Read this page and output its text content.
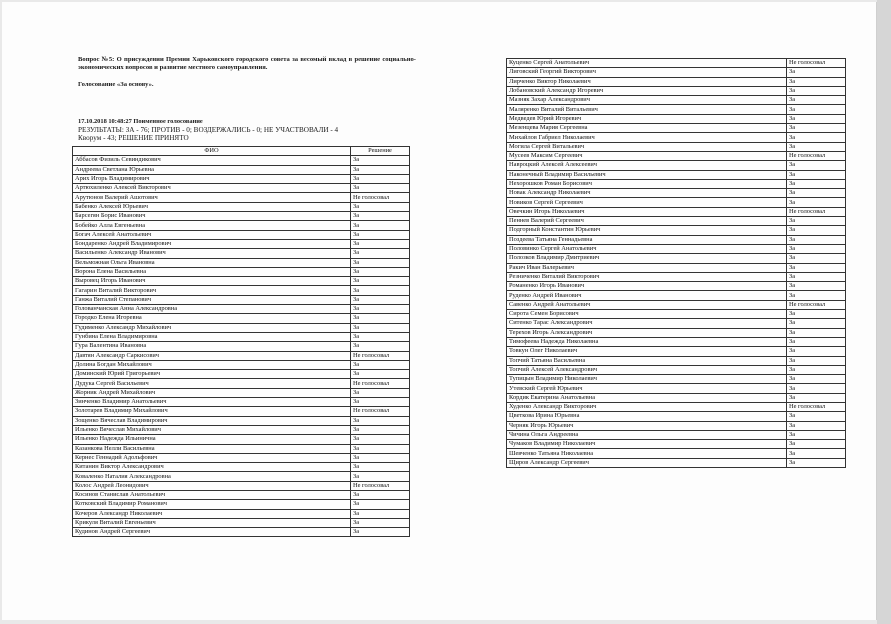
Вопрос №5: О присуждении Премии Харьковского городского совета за весомый вклад в решение социально-экономических вопросов и развитие местного самоуправления.
Голосование «За основу».
17.10.2018 10:48:27 Поименное голосование
РЕЗУЛЬТАТЫ: ЗА - 76; ПРОТИВ - 0; ВОЗДЕРЖАЛИСЬ - 0; НЕ УЧАСТВОВАЛИ - 4
Кворум - 43; РЕШЕНИЕ ПРИНЯТО
ФИО	Решение
Аббасов Физиль Севиндикович	За
Андреева Светлана Юрьевна	За
Арих Игорь Владимирович	За
Артюхиленко Алексей Викторович	За
Арутюнов Валерий Ашотович	Не голосовал
Бабенко Алексей Юрьевич	За
Барсегян Борис Иванович	За
Бобейко Алла Евгеньевна	За
Богач Алексей Анатольевич	За
Бондаренко Андрей Владимирович	За
Васильенко Александр Иванович	За
Вельможная Ольга Ивановна	За
Ворона Елена Васильевна	За
Выровец Игорь Иванович	За
Гагарин Виталий Викторович	За
Ганжа Виталий Степанович	За
Голованчанская Анна Александровна	За
Городко Елена Игоревна	За
Гудименко Александр Михайлович	За
Гунбина Елена Владимировна	За
Гура Валентина Ивановна	За
Давтян Александр Саркисович	Не голосовал
Долина Богдан Михайлович	За
Доминский Юрий Григорьевич	За
Дудука Сергей Васильевич	Не голосовал
Жорник Андрей Михайлович	За
Зинченко Владимир Анатольевич	За
Золотарев Владимир Михайлович	Не голосовал
Зощенко Вячеслав Владимирович	За
Ильенко Вячеслав Михайлович	За
Ильенко Надежда Ильинична	За
Казанкова Нелли Васильевна	За
Кернес Геннадий Адольфович	За
Китанин Виктор Александрович	За
Коваленко Наталия Александровна	За
Колос Андрей Леонидович	Не голосовал
Косинов Станислав Анатольевич	За
Котковский Владимир Романович	За
Кочеров Александр Николаевич	За
Крикуля Виталий Евгеньевич	За
Кудинов Андрей Сергеевич	За
Куценко Сергей Анатольевич	Не голосовал
Лиговский Георгий Викторович	За
Лирченко Виктор Николаевич	За
Лобановский Александр Игоревич	За
Мазняк Захар Александрович	За
Маляренко Виталий Витальевич	За
Медведев Юрий Игоревич	За
Мезенцева Мария Сергеевна	За
Михайлов Габриел Николаевич	За
Могила Сергей Витальевич	За
Мусеев Максим Сергеевич	Не голосовал
Навроцкий Алексей Алексеевич	За
Наконечный Владимир Васильевич	За
Нехорошков Роман Борисович	За
Новак Александр Николаевич	За
Новиков Сергей Сергеевич	За
Овечкин Игорь Николаевич	Не голосовал
Пеннев Валерий Сергеевич	За
Подгорный Константин Юрьевич	За
Поздеева Татьяна Геннадьевна	За
Половинко Сергей Анатольевич	За
Полозков Владимир Дмитриевич	За
Ракич Иван Валерьевич	За
Резниченко Виталий Викторович	За
Романенко Игорь Иванович	За
Руденко Андрей Иванович	За
Савенко Андрей Анатольевич	Не голосовал
Сирота Семен Борисович	За
Ситенко Тарас Александрович	За
Терехов Игорь Александрович	За
Тимофеева Надежда Николаевна	За
Товкун Олег Николаевич	За
Топчий Татьяна Васильевна	За
Топчий Алексей Александрович	За
Тупицын Владимир Николаевич	За
Утевский Сергей Юрьевич	За
Кордик Екатерина Анатольевна	За
Худенко Александр Викторович	Не голосовал
Цветкова Ирина Юрьевна	За
Черняк Игорь Юрьевич	За
Чичина Ольга Андреевна	За
Чумаков Владимир Николаевич	За
Шевченко Татьяна Николаевна	За
Щиров Александр Сергеевич	За
